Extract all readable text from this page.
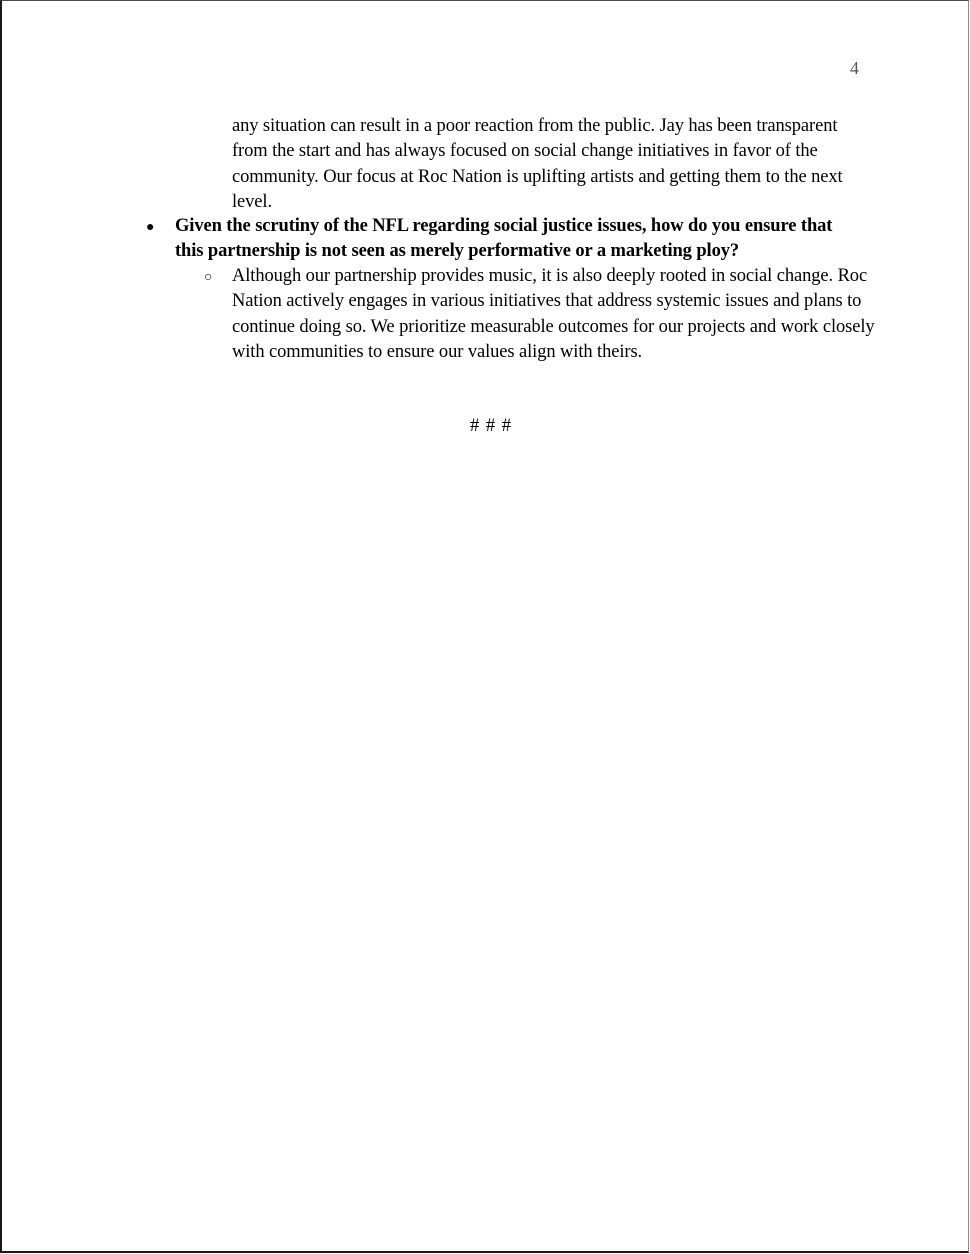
4
any situation can result in a poor reaction from the public. Jay has been transparent from the start and has always focused on social change initiatives in favor of the community. Our focus at Roc Nation is uplifting artists and getting them to the next level.
● Given the scrutiny of the NFL regarding social justice issues, how do you ensure that this partnership is not seen as merely performative or a marketing ploy?
○ Although our partnership provides music, it is also deeply rooted in social change. Roc Nation actively engages in various initiatives that address systemic issues and plans to continue doing so. We prioritize measurable outcomes for our projects and work closely with communities to ensure our values align with theirs.
# # #
